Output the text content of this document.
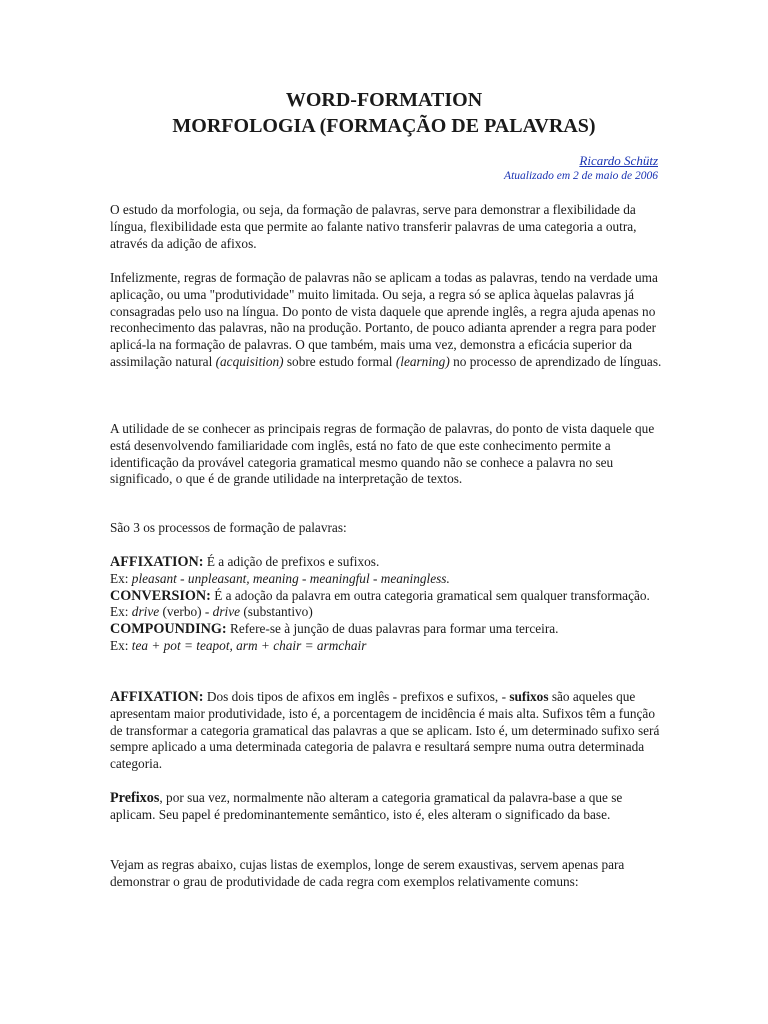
WORD-FORMATION
MORFOLOGIA (FORMAÇÃO DE PALAVRAS)
Ricardo Schütz
Atualizado em 2 de maio de 2006

O estudo da morfologia, ou seja, da formação de palavras, serve para demonstrar a flexibilidade da língua, flexibilidade esta que permite ao falante nativo transferir palavras de uma categoria a outra, através da adição de afixos.

Infelizmente, regras de formação de palavras não se aplicam a todas as palavras, tendo na verdade uma aplicação, ou uma "produtividade" muito limitada. Ou seja, a regra só se aplica àquelas palavras já consagradas pelo uso na língua. Do ponto de vista daquele que aprende inglês, a regra ajuda apenas no reconhecimento das palavras, não na produção. Portanto, de pouco adianta aprender a regra para poder aplicá-la na formação de palavras. O que também, mais uma vez, demonstra a eficácia superior da assimilação natural (acquisition) sobre estudo formal (learning) no processo de aprendizado de línguas.

A utilidade de se conhecer as principais regras de formação de palavras, do ponto de vista daquele que está desenvolvendo familiaridade com inglês, está no fato de que este conhecimento permite a identificação da provável categoria gramatical mesmo quando não se conhece a palavra no seu significado, o que é de grande utilidade na interpretação de textos.

São 3 os processos de formação de palavras:

AFFIXATION: É a adição de prefixos e sufixos.
Ex: pleasant - unpleasant, meaning - meaningful - meaningless.
CONVERSION: É a adoção da palavra em outra categoria gramatical sem qualquer transformação.
Ex: drive (verbo) - drive (substantivo)
COMPOUNDING: Refere-se à junção de duas palavras para formar uma terceira.
Ex: tea + pot = teapot, arm + chair = armchair

AFFIXATION: Dos dois tipos de afixos em inglês - prefixos e sufixos, - sufixos são aqueles que apresentam maior produtividade, isto é, a porcentagem de incidência é mais alta. Sufixos têm a função de transformar a categoria gramatical das palavras a que se aplicam. Isto é, um determinado sufixo será sempre aplicado a uma determinada categoria de palavra e resultará sempre numa outra determinada categoria.

Prefixos, por sua vez, normalmente não alteram a categoria gramatical da palavra-base a que se aplicam. Seu papel é predominantemente semântico, isto é, eles alteram o significado da base.

Vejam as regras abaixo, cujas listas de exemplos, longe de serem exaustivas, servem apenas para demonstrar o grau de produtividade de cada regra com exemplos relativamente comuns:
